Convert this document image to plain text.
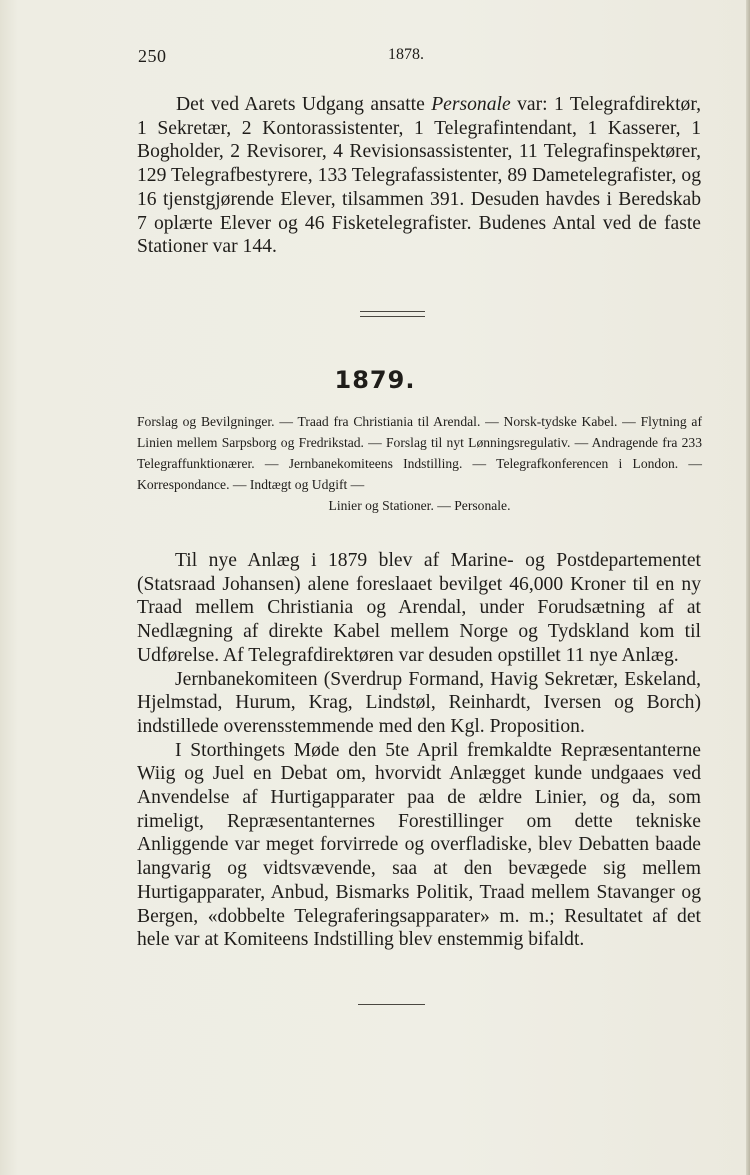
250	1878.
Det ved Aarets Udgang ansatte Personale var: 1 Telegrafdirektør, 1 Sekretær, 2 Kontorassistenter, 1 Telegrafintendant, 1 Kasserer, 1 Bogholder, 2 Revisorer, 4 Revisionsassistenter, 11 Telegrafinspektører, 129 Telegrafbestyrere, 133 Telegrafassistenter, 89 Dametelegrafister, og 16 tjenstgjørende Elever, tilsammen 391. Desuden havdes i Beredskab 7 oplærte Elever og 46 Fisketelegrafister. Budenes Antal ved de faste Stationer var 144.
1879.
Forslag og Bevilgninger. — Traad fra Christiania til Arendal. — Norsk-tydske Kabel. — Flytning af Linien mellem Sarpsborg og Fredrikstad. — Forslag til nyt Lønningsregulativ. — Andragende fra 233 Telegraffunktionærer. — Jernbanekomiteens Indstilling. — Telegrafkonferencen i London. — Korrespondance. — Indtægt og Udgift —
Linier og Stationer. — Personale.

Til nye Anlæg i 1879 blev af Marine- og Postdepartementet (Statsraad Johansen) alene foreslaaet bevilget 46,000 Kroner til en ny Traad mellem Christiania og Arendal, under Forudsætning af at Nedlægning af direkte Kabel mellem Norge og Tydskland kom til Udførelse. Af Telegrafdirektøren var desuden opstillet 11 nye Anlæg.

Jernbanekomiteen (Sverdrup Formand, Havig Sekretær, Eskeland, Hjelmstad, Hurum, Krag, Lindstøl, Reinhardt, Iversen og Borch) indstillede overensstemmende med den Kgl. Proposition.

I Storthingets Møde den 5te April fremkaldte Repræsentanterne Wiig og Juel en Debat om, hvorvidt Anlægget kunde undgaaes ved Anvendelse af Hurtigapparater paa de ældre Linier, og da, som rimeligt, Repræsentanternes Forestillinger om dette tekniske Anliggende var meget forvirrede og overfladiske, blev Debatten baade langvarig og vidtsvævende, saa at den bevægede sig mellem Hurtigapparater, Anbud, Bismarks Politik, Traad mellem Stavanger og Bergen, «dobbelte Telegraferingsapparater» m. m.; Resultatet af det hele var at Komiteens Indstilling blev enstemmig bifaldt.
